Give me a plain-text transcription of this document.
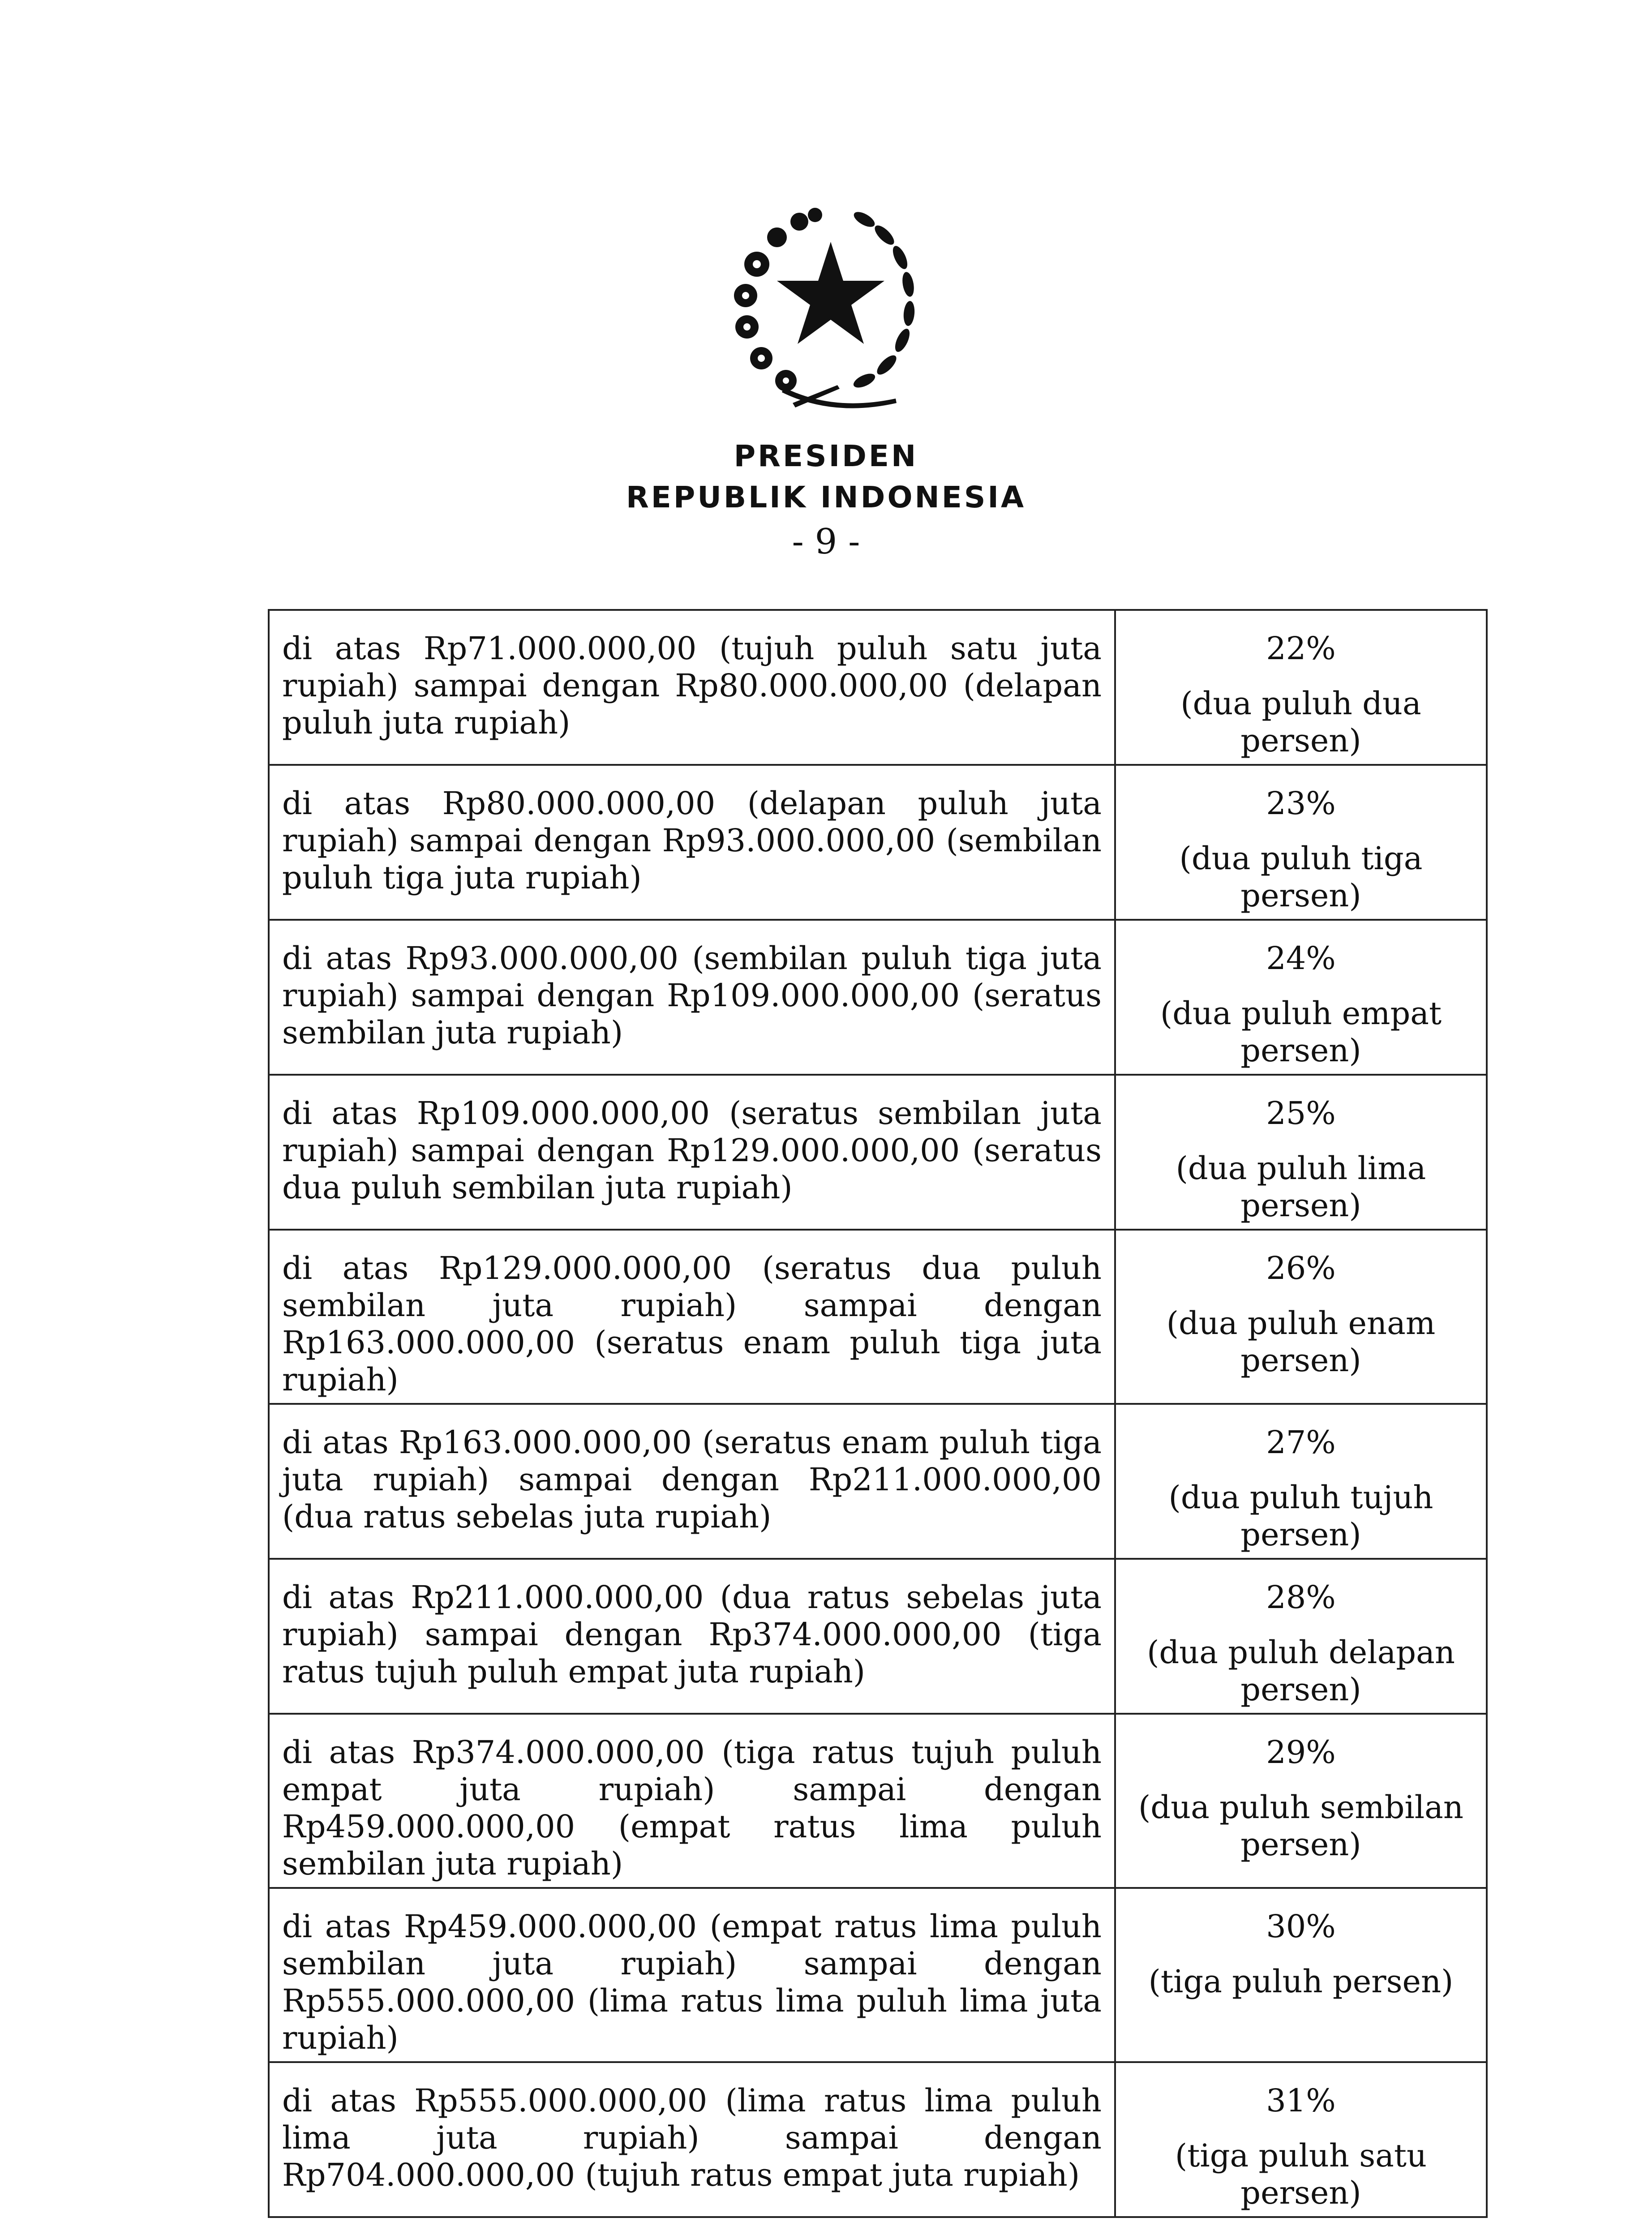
PRESIDEN
REPUBLIK INDONESIA
- 9 -
di atas Rp71.000.000,00 (tujuh puluh satu juta rupiah) sampai dengan Rp80.000.000,00 (delapan puluh juta rupiah)	22%
(dua puluh dua persen)
di atas Rp80.000.000,00 (delapan puluh juta rupiah) sampai dengan Rp93.000.000,00 (sembilan puluh tiga juta rupiah)	23%
(dua puluh tiga persen)
di atas Rp93.000.000,00 (sembilan puluh tiga juta rupiah) sampai dengan Rp109.000.000,00 (seratus sembilan juta rupiah)	24%
(dua puluh empat persen)
di atas Rp109.000.000,00 (seratus sembilan juta rupiah) sampai dengan Rp129.000.000,00 (seratus dua puluh sembilan juta rupiah)	25%
(dua puluh lima persen)
di atas Rp129.000.000,00 (seratus dua puluh sembilan juta rupiah) sampai dengan Rp163.000.000,00 (seratus enam puluh tiga juta rupiah)	26%
(dua puluh enam persen)
di atas Rp163.000.000,00 (seratus enam puluh tiga juta rupiah) sampai dengan Rp211.000.000,00 (dua ratus sebelas juta rupiah)	27%
(dua puluh tujuh persen)
di atas Rp211.000.000,00 (dua ratus sebelas juta rupiah) sampai dengan Rp374.000.000,00 (tiga ratus tujuh puluh empat juta rupiah)	28%
(dua puluh delapan persen)
di atas Rp374.000.000,00 (tiga ratus tujuh puluh empat juta rupiah) sampai dengan Rp459.000.000,00 (empat ratus lima puluh sembilan juta rupiah)	29%
(dua puluh sembilan persen)
di atas Rp459.000.000,00 (empat ratus lima puluh sembilan juta rupiah) sampai dengan Rp555.000.000,00 (lima ratus lima puluh lima juta rupiah)	30%
(tiga puluh persen)
di atas Rp555.000.000,00 (lima ratus lima puluh lima juta rupiah) sampai dengan Rp704.000.000,00 (tujuh ratus empat juta rupiah)	31%
(tiga puluh satu persen)
